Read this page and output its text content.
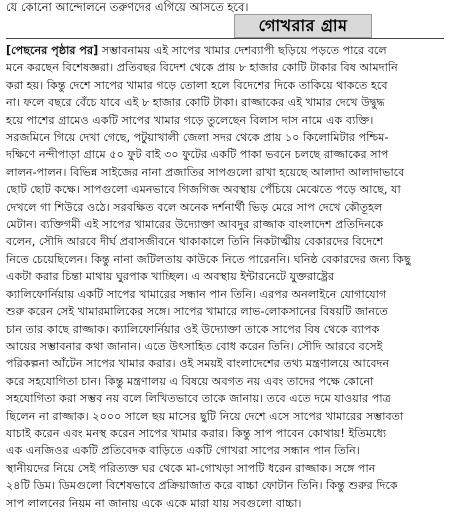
যে কোনো আন্দোলনে তরুণদের এগিয়ে আসতে হবে।
গোখরার গ্রাম
[পেছনের পৃষ্ঠার পর] সম্ভাবনাময় এই সাপের খামার দেশব্যাপী ছড়িয়ে পড়তে পারে বলে
মনে করছেন বিশেষজ্ঞরা। প্রতিবছর বিদেশ থেকে প্রায় ৮ হাজার কোটি টাকার বিষ আমদানি
করা হয়। কিন্তু দেশে সাপের খামার গড়ে তোলা হলে বিদেশের দিকে তাকিয়ে থাকতে হবে
না। ফলে বছরে বেঁচে যাবে এই ৮ হাজার কোটি টাকা। রাজ্জাকের এই খামার দেখে উদ্বুদ্ধ
হয়ে পাশের গ্রামেও একটি সাপের খামার গড়ে তুলেছেন বিলাস দাস নামে এক ব্যক্তি।
সরজমিনে গিয়ে দেখা গেছে, পটুয়াখালী জেলা সদর থেকে প্রায় ১০ কিলোমিটার পশ্চিম-
দক্ষিণে নন্দীপাড়া গ্রামে ৫০ ফুট বাই ৩০ ফুটের একটি পাকা ভবনে চলছে রাজ্জাকের সাপ
লালন-পালন। বিভিন্ন সাইজের নানা প্রজাতির সাপগুলো রাখা হয়েছে আলাদা আলাদাভাবে
ছোট ছোট কক্ষে। সাপগুলো এমনভাবে গিজগিজ অবস্থায় পেঁচিয়ে মেঝেতে পড়ে আছে, যা
দেখলে গা শিউরে ওঠে। সরবক্ষিত বলে অনেক দর্শনার্থী ভিড় মেরে সাপ দেখে কৌতূহল
মেটান। ব্যক্তিগমী এই সাপের খামারের উদ্যোক্তা আবদুর রাজ্জাক বাংলাদেশ প্রতিদিনকে
বলেন, সৌদি আরবে দীর্ঘ প্রবাসজীবনে থাকাকালে তিনি নিকটাত্মীয় বেকারদের বিদেশে
নিতে চেয়েছিলেন। কিন্তু নানা জটিলতায় কাউকে নিতে পারেননি। ঘনিষ্ঠ বেকারদের জন্য কিছু
একটা করার চিন্তা মাথায় ঘুরপাক খাচ্ছিল। এ অবস্থায় ইন্টারনেটে যুক্তরাষ্ট্রের
ক্যালিফোর্নিয়ায় একটি সাপের খামারের সন্ধান পান তিনি। এরপর অনলাইনে যোগাযোগ
শুরু করেন সেই খামারমালিকের সঙ্গে। সাপের খামারে লাভ-লোকসানের বিষয়টি জানতে
চান তার কাছে রাজ্জাক। ক্যালিফোর্নিয়ার ওই উদ্যোক্তা তাকে সাপের বিষ থেকে ব্যাপক
আয়ের সম্ভাবনার কথা জানান। এতে উৎসাহিত বোধ করেন তিনি। সৌদি আরবে বসেই
পরিকল্পনা আঁটেন সাপের খামার করার। ওই সময়ই বাংলাদেশের তথ্য মন্ত্রণালয়ে আবেদন
করে সহযোগিতা চান। কিন্তু মন্ত্রণালয় এ বিষয়ে অবগত নয় এবং তাদের পক্ষে কোনো
সহযোগিতা করা সম্ভব নয় বলে লিখিতভাবে তাকে জানায়। তবে এতে দমে যাওয়ার পাত্র
ছিলেন না রাজ্জাক। ২০০০ সালে ছয় মাসের ছুটি নিয়ে দেশে এসে সাপের খামারের সম্ভাবতা
যাচাই করেন এবং মনস্থ করেন সাপের খামার করার। কিন্তু সাপ পাবেন কোথায়! ইতিমধ্যে
এক এনজিওর একটি প্রতিবেদক বাড়িতে একটি গোখরা সাপের সন্ধান পান তিনি।
স্থানীয়দের নিয়ে সেই পরিত্যক্ত ঘর থেকে মা-গোখড়া সাপটি ধরেন রাজ্জাক। সঙ্গে পান
২৪টি ডিম। ডিমগুলো বিশেষভাবে প্রক্রিয়াজাত করে বাচ্চা ফোটান তিনি। কিন্তু শুরুর দিকে
সাপ লালনের নিয়ম না জানায় একে একে মারা যায় সবগুলো বাচ্চা।
